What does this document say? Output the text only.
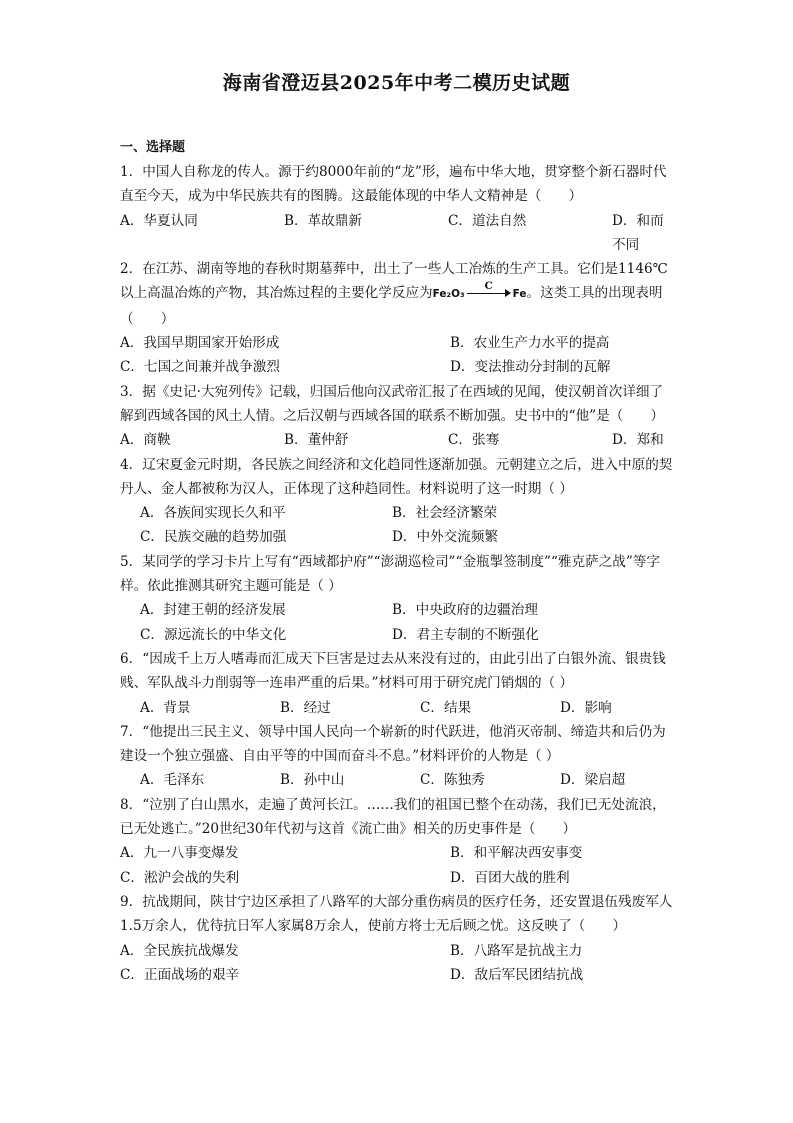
海南省澄迈县2025年中考二模历史试题
一、选择题

1．中国人自称龙的传人。源于约8000年前的“龙”形，遍布中华大地，贯穿整个新石器时代直至今天，成为中华民族共有的图腾。这最能体现的中华人文精神是（　　）

A．华夏认同	B．革故鼎新	C．道法自然	D．和而不同

2．在江苏、湖南等地的春秋时期墓葬中，出土了一些人工冶炼的生产工具。它们是1146℃以上高温冶炼的产物，其冶炼过程的主要化学反应为Fe₂O₃
C
Fe。这类工具的出现表明（　　）

A．我国早期国家开始形成	B．农业生产力水平的提高
C．七国之间兼并战争激烈	D．变法推动分封制的瓦解

3．据《史记·大宛列传》记载，归国后他向汉武帝汇报了在西域的见闻，使汉朝首次详细了解到西域各国的风土人情。之后汉朝与西域各国的联系不断加强。史书中的“他”是（　　）

A．商鞅	B．董仲舒	C．张骞	D．郑和

4．辽宋夏金元时期，各民族之间经济和文化趋同性逐渐加强。元朝建立之后，进入中原的契丹人、金人都被称为汉人，正体现了这种趋同性。材料说明了这一时期（ ）

A．各族间实现长久和平	B．社会经济繁荣
C．民族交融的趋势加强	D．中外交流频繁

5．某同学的学习卡片上写有“西域都护府”“澎湖巡检司”“金瓶掣签制度”“雅克萨之战”等字样。依此推测其研究主题可能是（ ）

A．封建王朝的经济发展	B．中央政府的边疆治理
C．源远流长的中华文化	D．君主专制的不断强化

6．“因成千上万人嗜毒而汇成天下巨害是过去从来没有过的，由此引出了白银外流、银贵钱贱、军队战斗力削弱等一连串严重的后果。”材料可用于研究虎门销烟的（ ）

A．背景	B．经过	C．结果	D．影响

7．“他提出三民主义、领导中国人民向一个崭新的时代跃进，他消灭帝制、缔造共和后仍为建设一个独立强盛、自由平等的中国而奋斗不息。”材料评价的人物是（ ）

A．毛泽东	B．孙中山	C．陈独秀	D．梁启超

8．“泣别了白山黑水，走遍了黄河长江。……我们的祖国已整个在动荡，我们已无处流浪，已无处逃亡。”20世纪30年代初与这首《流亡曲》相关的历史事件是（　　）

A．九一八事变爆发	B．和平解决西安事变
C．淞沪会战的失利	D．百团大战的胜利

9．抗战期间，陕甘宁边区承担了八路军的大部分重伤病员的医疗任务，还安置退伍残废军人1.5万余人，优待抗日军人家属8万余人，使前方将士无后顾之忧。这反映了（　　）

A．全民族抗战爆发	B．八路军是抗战主力
C．正面战场的艰辛	D．敌后军民团结抗战
